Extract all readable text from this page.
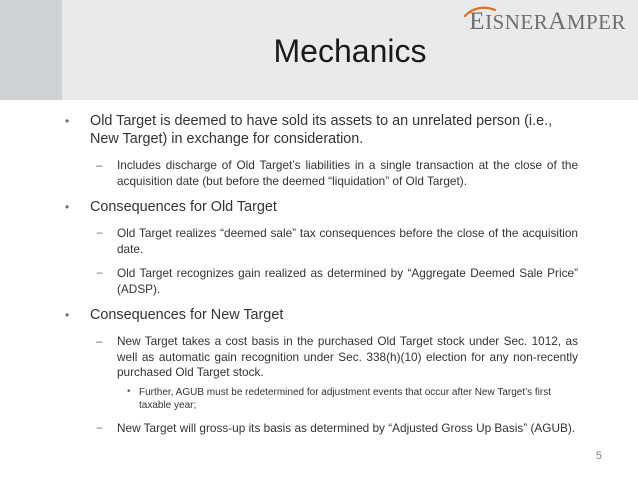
EISNERAMPER
Mechanics
• Old Target is deemed to have sold its assets to an unrelated person (i.e., New Target) in exchange for consideration.
– Includes discharge of Old Target’s liabilities in a single transaction at the close of the acquisition date (but before the deemed “liquidation” of Old Target).
• Consequences for Old Target
− Old Target realizes “deemed sale” tax consequences before the close of the acquisition date.
− Old Target recognizes gain realized as determined by “Aggregate Deemed Sale Price” (ADSP).
• Consequences for New Target
– New Target takes a cost basis in the purchased Old Target stock under Sec. 1012, as well as automatic gain recognition under Sec. 338(h)(10) election for any non-recently purchased Old Target stock.
• Further, AGUB must be redetermined for adjustment events that occur after New Target’s first taxable year;
− New Target will gross-up its basis as determined by “Adjusted Gross Up Basis” (AGUB).
5
